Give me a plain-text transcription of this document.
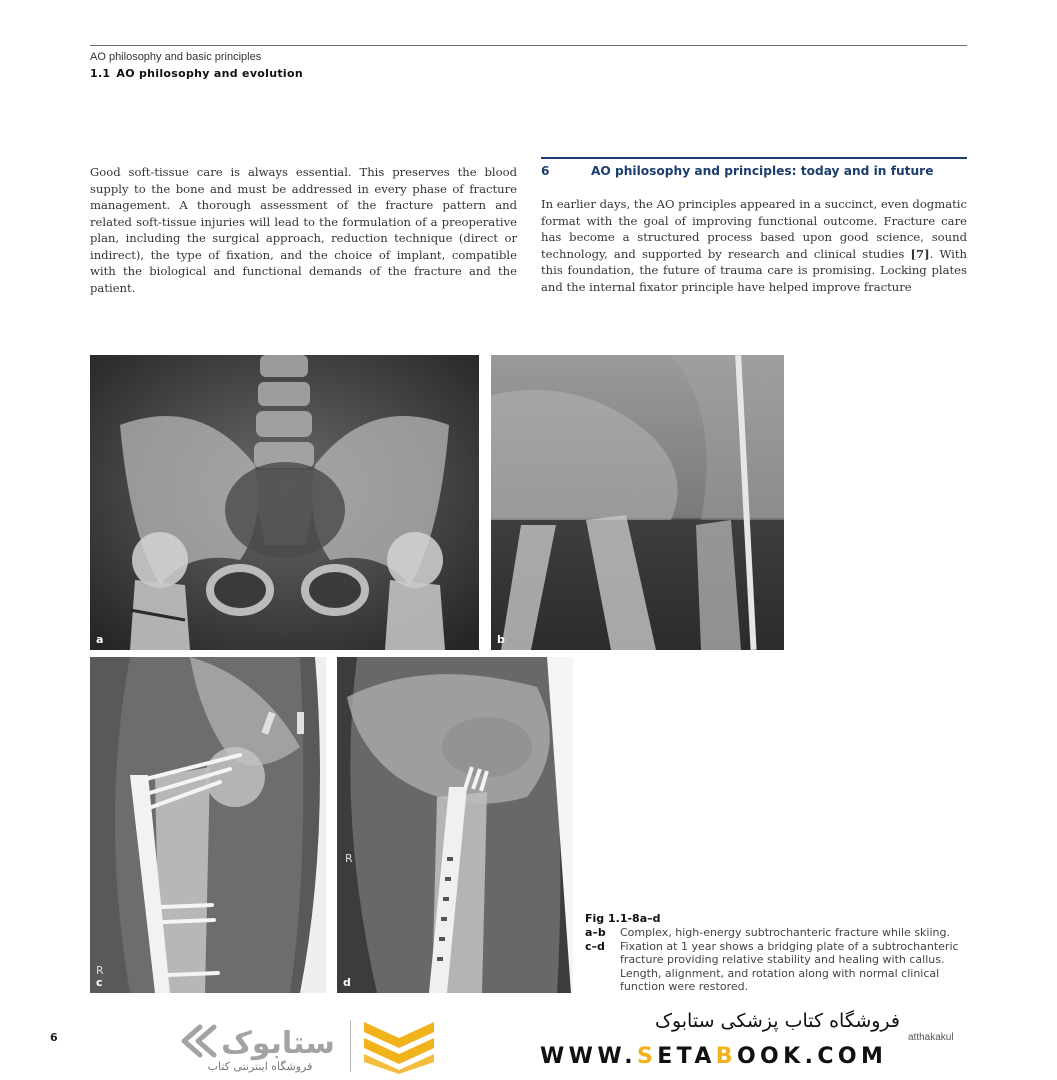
AO philosophy and basic principles
1.1 AO philosophy and evolution

Good soft-tissue care is always essential. This preserves the blood supply to the bone and must be addressed in every phase of fracture management. A thorough assessment of the fracture pattern and related soft-tissue injuries will lead to the formulation of a preoperative plan, including the surgical approach, reduction technique (direct or indirect), the type of fixation, and the choice of implant, compatible with the biological and functional demands of the fracture and the patient.

6	AO philosophy and principles: today and in future

In earlier days, the AO principles appeared in a succinct, even dogmatic format with the goal of improving functional outcome. Fracture care has become a structured process based upon good science, sound technology, and supported by research and clinical studies [7]. With this foundation, the future of trauma care is promising. Locking plates and the internal fixator principle have helped improve fracture

a	b
R
c
R
d
Fig 1.1-8a–d
a–b	Complex, high-energy subtrochanteric fracture while skiing.
c–d	Fixation at 1 year shows a bridging plate of a subtrochanteric fracture providing relative stability and healing with callus. Length, alignment, and rotation along with normal clinical function were restored.
6	atthakakul
ستابوک
فروشگاه اینترنتی کتاب
فروشگاه کتاب پزشکی ستابوک
WWW.SETABOOK.COM
